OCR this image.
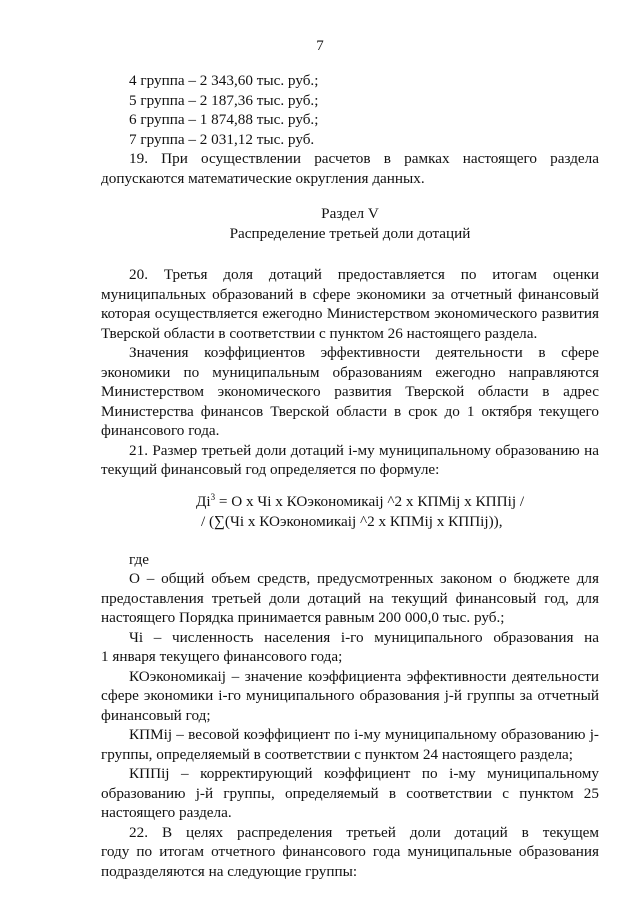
7
4 группа – 2 343,60 тыс. руб.;
5 группа – 2 187,36 тыс. руб.;
6 группа – 1 874,88 тыс. руб.;
7 группа – 2 031,12 тыс. руб.
19. При осуществлении расчетов в рамках настоящего раздела
допускаются математические округления данных.
Раздел V
Распределение третьей доли дотаций
20. Третья доля дотаций предоставляется по итогам оценки
муниципальных образований в сфере экономики за отчетный финансовый
которая осуществляется ежегодно Министерством экономического развития
Тверской области в соответствии с пунктом 26 настоящего раздела.
Значения коэффициентов эффективности деятельности в сфере
экономики по муниципальным образованиям ежегодно направляются
Министерством экономического развития Тверской области в адрес
Министерства финансов Тверской области в срок до 1 октября текущего
финансового года.
21. Размер третьей доли дотаций i-му муниципальному образованию на
текущий финансовый год определяется по формуле:
$Дi^3 = О$ x Чi x КОэкономикаij ^2 x КПМij x КППij /
/ (∑(Чi x КОэкономикаij ^2 x КПМij x КППij)),
где
О – общий объем средств, предусмотренных законом о бюджете для
предоставления третьей доли дотаций на текущий финансовый год, для
настоящего Порядка принимается равным 200 000,0 тыс. руб.;
Чi – численность населения i-го муниципального образования на
1 января текущего финансового года;
КОэкономикаij – значение коэффициента эффективности деятельности
сфере экономики i-го муниципального образования j-й группы за отчетный
финансовый год;
КПМij – весовой коэффициент по i-му муниципальному образованию j-
группы, определяемый в соответствии с пунктом 24 настоящего раздела;
КППij – корректирующий коэффициент по i-му муниципальному
образованию j-й группы, определяемый в соответствии с пунктом 25
настоящего раздела.
22. В целях распределения третьей доли дотаций в текущем
году по итогам отчетного финансового года муниципальные образования
подразделяются на следующие группы:
